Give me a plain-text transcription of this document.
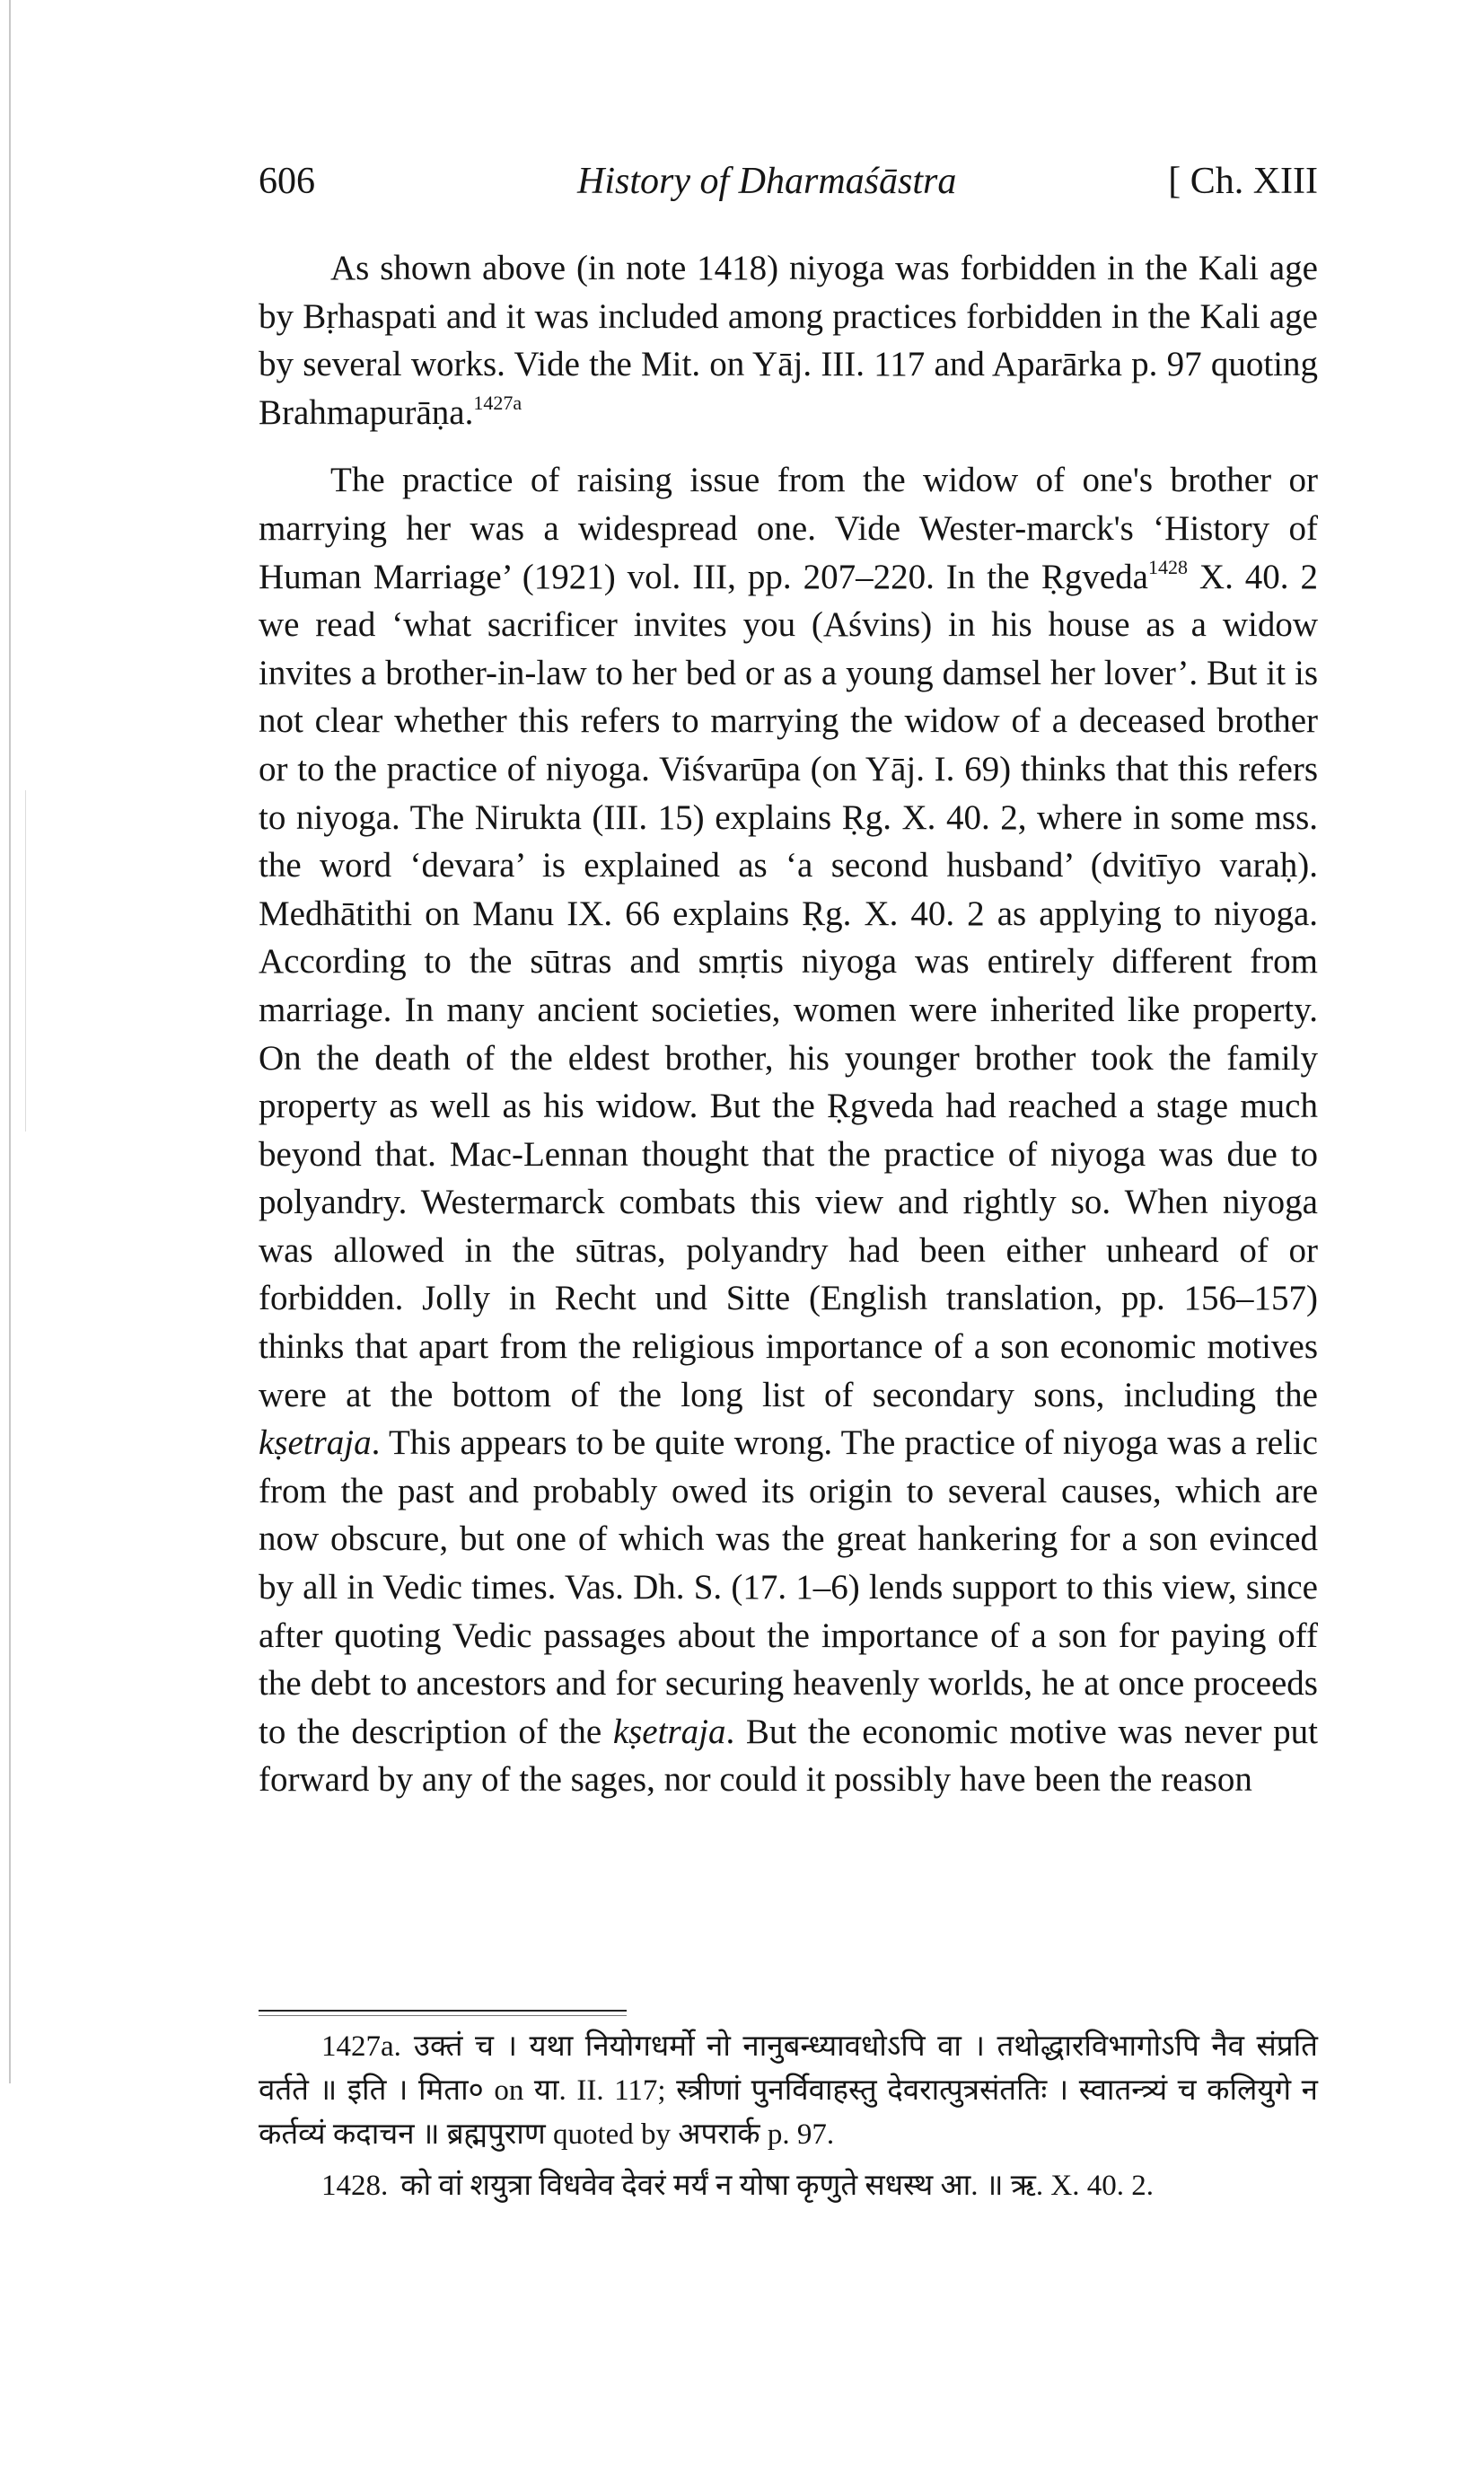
606	History of Dharmaśāstra	[ Ch. XIII

As shown above (in note 1418) niyoga was forbidden in the Kali age by Bṛhaspati and it was included among practices forbidden in the Kali age by several works. Vide the Mit. on Yāj. III. 117 and Aparārka p. 97 quoting Brahmapurāṇa.$^{1427a}$

The practice of raising issue from the widow of one's brother or marrying her was a widespread one. Vide Wester-marck's ‘History of Human Marriage’ (1921) vol. III, pp. 207–220. In the Ṛgveda$^{1428}$ X. 40. 2 we read ‘what sacrificer invites you (Aśvins) in his house as a widow invites a brother-in-law to her bed or as a young damsel her lover’. But it is not clear whether this refers to marrying the widow of a deceased brother or to the practice of niyoga. Viśvarūpa (on Yāj. I. 69) thinks that this refers to niyoga. The Nirukta (III. 15) explains Ṛg. X. 40. 2, where in some mss. the word ‘devara’ is explained as ‘a second husband’ (dvitīyo varaḥ). Medhātithi on Manu IX. 66 explains Ṛg. X. 40. 2 as applying to niyoga. According to the sūtras and smṛtis niyoga was entirely different from marriage. In many ancient societies, women were inherited like property. On the death of the eldest brother, his younger brother took the family property as well as his widow. But the Ṛgveda had reached a stage much beyond that. Mac-Lennan thought that the practice of niyoga was due to polyandry. Westermarck combats this view and rightly so. When niyoga was allowed in the sūtras, polyandry had been either unheard of or forbidden. Jolly in Recht und Sitte (English translation, pp. 156–157) thinks that apart from the religious importance of a son economic motives were at the bottom of the long list of secondary sons, including the kṣetraja. This appears to be quite wrong. The practice of niyoga was a relic from the past and probably owed its origin to several causes, which are now obscure, but one of which was the great hankering for a son evinced by all in Vedic times. Vas. Dh. S. (17. 1–6) lends support to this view, since after quoting Vedic passages about the importance of a son for paying off the debt to ancestors and for securing heavenly worlds, he at once proceeds to the description of the kṣetraja. But the economic motive was never put forward by any of the sages, nor could it possibly have been the reason

1427a. उक्तं च । यथा नियोगधर्मो नो नानुबन्ध्यावधोऽपि वा । तथोद्धारविभागोऽपि नैव संप्रति वर्तते ॥ इति । मिता० on या. II. 117; स्त्रीणां पुनर्विवाहस्तु देवरात्पुत्रसंततिः । स्वातन्त्र्यं च कलियुगे न कर्तव्यं कदाचन ॥ ब्रह्मपुराण quoted by अपरार्क p. 97.

1428. को वां शयुत्रा विधवेव देवरं मर्यं न योषा कृणुते सधस्थ आ. ॥ ऋ. X. 40. 2.
